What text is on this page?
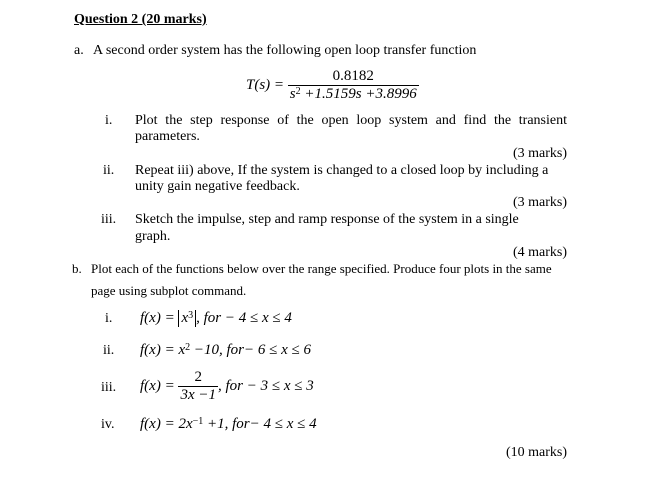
Question 2 (20 marks)
a. A second order system has the following open loop transfer function
$T(s) = \frac{0.8182}{s^2 +1.5159s +3.8996}$
i. Plot the step response of the open loop system and find the transient
parameters.
(3 marks)
ii. Repeat iii) above, If the system is changed to a closed loop by including a
unity gain negative feedback.
(3 marks)
iii. Sketch the impulse, step and ramp response of the system in a single
graph.
(4 marks)
b. Plot each of the functions below over the range specified. Produce four plots in the same
page using subplot command.
i. $f(x) = x^3$ , for − 4 ≤ x ≤ 4
ii. $f(x) = x^2 -10$, for− 6 ≤ x ≤ 6
iii. $f(x) = \frac{2}{3x -1}$ , for − 3 ≤ x ≤ 3
iv. $f(x) = 2x^{-1} +1$, for− 4 ≤ x ≤ 4
(10 marks)
